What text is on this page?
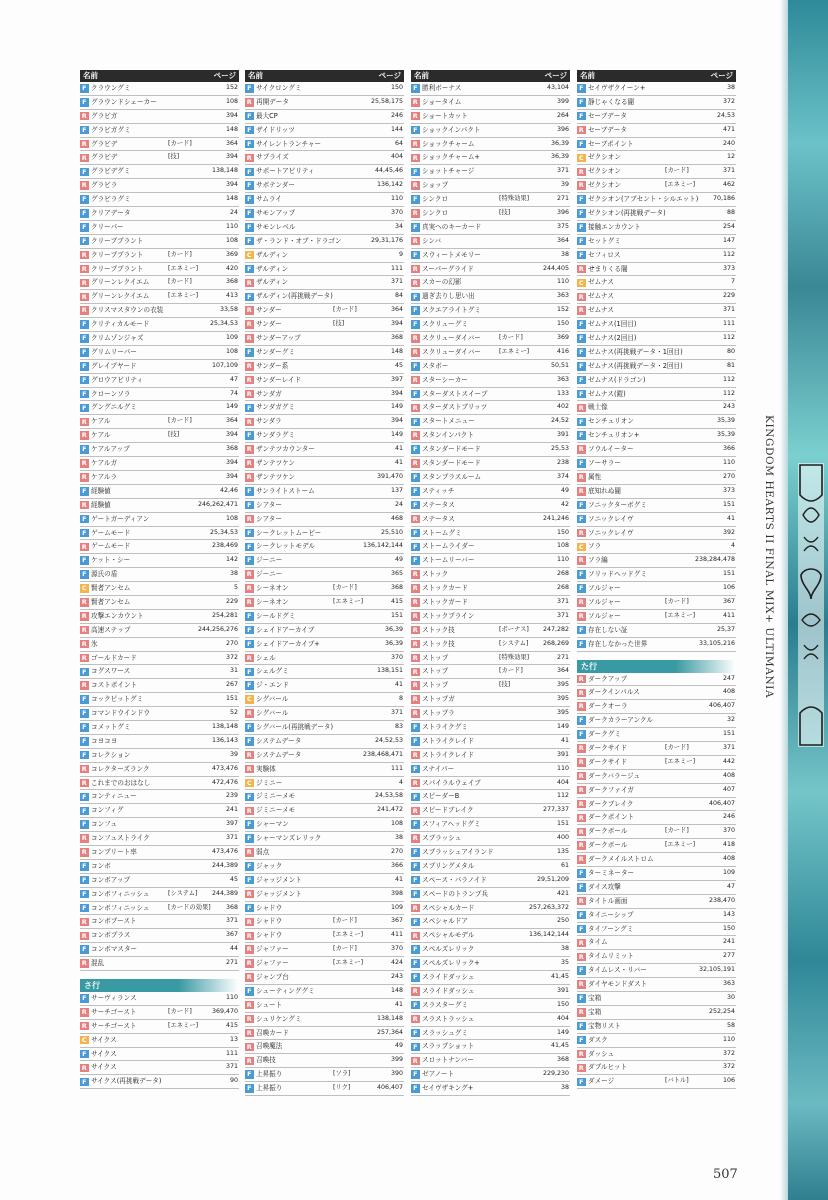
名前	ページ
F クラウングミ	152
F グラウンドシェーカー	108
R グラビガ	394
F グラビガグミ	148
R グラビデ	[カード]	364
R グラビデ	[技]	394
F グラビデグミ	138,148
R グラビラ	394
F グラビラグミ	148
F クリアデータ	24
F クリーパー	110
F クリーププラント	108
R クリーププラント	[カード]	369
R クリーププラント	[エネミー]	420
R グリーンレクイエム	[カード]	368
R グリーンレクイエム	[エネミー]	413
R クリスマスタウンの衣装	33,58
F クリティカルモード	25,34,53
F クリムゾンジャズ	109
F グリムリーパー	108
F グレイブヤード	107,109
F グロウアビリティ	47
F クローンソラ	74
F グングニルグミ	149
R ケアル	[カード]	364
R ケアル	[技]	394
F ケアルアップ	368
R ケアルガ	394
R ケアルラ	394
F 経験値	42,46
R 経験値	246,262,471
F ゲートガーディアン	108
F ゲームモード	25,34,53
R ゲームモード	238,469
F ケット・シー	142
F 源氏の盾	38
C 賢者アンセム	5
R 賢者アンセム	229
R 攻撃エンカウント	254,281
R 高速ステップ	244,256,276
R 氷	270
R ゴールドカード	372
F コグスワース	31
R コストポイント	267
F コックピットグミ	151
F コマンドウインドウ	52
F コメットグミ	138,148
F コヨコヨ	136,143
F コレクション	39
R コレクターズランク	473,476
R これまでのおはなし	472,476
F コンティニュー	239
F コンフィグ	241
F コンフュ	397
R コンフュストライク	371
R コンプリート率	473,476
F コンボ	244,389
F コンボアップ	45
F コンボフィニッシュ	[システム] 244,389
F コンボフィニッシュ	[カードの効果] 368
R コンボブースト	371
R コンボプラス	367
F コンボマスター	44
R 混乱	271
さ行
F サーヴィランス	110
R サーチゴースト	[カード]	369,470
R サーチゴースト	[エネミー]	415
C サイクス	13
F サイクス	111
R サイクス	371
F サイクス(再挑戦データ)	90
名前	ページ
F サイクロングミ	150
R 再開データ	25,58,175
F 最大CP	246
F ザイドリッツ	144
F サイレントランチャー	64
R サプライズ	404
F サポートアビリティ	44,45,46
F サボテンダー	136,142
F サムライ	110
F サモンアップ	370
F サモンレベル	34
F ザ・ランド・オブ・ドラゴン	29,31,176
C ザルディン	9
F ザルディン	111
R ザルディン	371
F ザルディン(再挑戦データ)	84
R サンダー	[カード]	364
R サンダー	[技]	394
R サンダーアップ	368
F サンダーグミ	148
R サンダー系	45
R サンダーレイド	397
R サンダガ	394
F サンダガグミ	149
R サンダラ	394
F サンダラグミ	149
R ザンテツカウンター	41
R ザンテツケン	41
R ザンテツケン	391,470
F サンライトストーム	137
F シアター	24
R シアター	468
F シークレットムービー	25,510
F シークレットモデル	136,142,144
F ジーニー	49
R ジーニー	365
R シーネオン	[カード]	368
R シーネオン	[エネミー]	415
F シールドグミ	151
F シェイドアーカイブ	36,39
F シェイドアーカイブ+	36,39
R シェル	370
F シェルグミ	138,151
F ジ・エンド	41
C シグバール	8
R シグバール	371
F シグバール(再挑戦データ)	83
F システムデータ	24,52,53
R システムデータ	238,468,471
R 実験体	111
C ジミニー	4
F ジミニーメモ	24,53,58
R ジミニーメモ	241,472
F シャーマン	108
F シャーマンズレリック	38
R 弱点	270
F ジャック	366
F ジャッジメント	41
R ジャッジメント	398
F シャドウ	109
R シャドウ	[カード]	367
R シャドウ	[エネミー]	411
R ジャファー	[カード]	370
R ジャファー	[エネミー]	424
R ジャンプ台	243
F シューティンググミ	148
R シュート	41
R シュリケングミ	138,148
R 召喚カード	257,364
R 召喚魔法	49
R 召喚技	399
F 上昇振り	[ソラ]	390
F 上昇振り	[リク]	406,407
名前	ページ
F 勝利ボーナス	43,104
R ショータイム	399
R ショートカット	264
F ショックインパクト	396
R ショックチャーム	36,39
R ショックチャーム+	36,39
F ショットチャージ	371
R ショップ	39
F シンクロ	[特殊効果]	271
R シンクロ	[技]	396
F 真実へのキーカード	375
R シンバ	364
F スウィートメモリー	38
R スーパーグライド	244,405
R スカーの幻影	110
F 過ぎ去りし思い出	363
F スクエアライトグミ	152
F スクリューグミ	150
R スクリューダイバー	[カード]	369
R スクリューダイバー	[エネミー]	416
F スタボー	50,51
R スターシーカー	363
F スターダストスイープ	133
R スターダストブリッツ	402
F スタートメニュー	24,52
R スタンインパクト	391
F スタンダードモード	25,53
R スタンダードモード	238
F スタンプラスルーム	374
F スティッチ	49
F ステータス	42
R ステータス	241,246
F ストームグミ	150
F ストームライダー	108
F ストームリーバー	110
R ストック	268
R ストックカード	268
R ストックガード	371
R ストックプライン	371
R ストック技	[ボーナス] 247,282
R ストック技	[システム] 268,269
R ストップ	[特殊効果]	271
R ストップ	[カード]	364
R ストップ	[技]	395
R ストップガ	395
R ストップラ	395
F ストライクグミ	149
F ストライクレイド	41
R ストライクレイド	391
F スナイパー	110
R スパイラルウェイブ	404
F スピーダーB	112
R スピードブレイク	277,337
F スフィアヘッドグミ	151
R スプラッシュ	400
F スプラッシュアイランド	135
F スプリングメタル	61
F スペース・パラノイド	29,51,209
F スペードのトランプ兵	421
R スペシャルカード	257,263,372
F スペシャルドア	250
R スペシャルモデル	136,142,144
F スペルズレリック	38
F スペルズレリック+	35
F スライドダッシュ	41,45
R スライドダッシュ	391
F スラスターグミ	150
R スラストラッシュ	404
F スラッシュグミ	149
F スラップショット	41,45
R スロットナンバー	368
F ゼアノート	229,230
F セイヴザキング+	38
名前	ページ
F セイヴザクイーン+	38
F 静じゃくなる闇	372
F セーブデータ	24,53
R セーブデータ	471
F セーブポイント	240
C ゼクシオン	12
R ゼクシオン	[カード]	371
R ゼクシオン	[エネミー]	462
F ゼクシオン(アブセント・シルエット) 70,186
F ゼクシオン(再挑戦データ)	88
F 接触エンカウント	254
F セットグミ	147
F セフィロス	112
R せまりくる闇	373
C ゼムナス	7
R ゼムナス	229
R ゼムナス	371
F ゼムナス(1回目)	111
F ゼムナス(2回目)	112
F ゼムナス(再挑戦データ・1回目)	80
F ゼムナス(再挑戦データ・2回目)	81
F ゼムナス(ドラゴン)	112
F ゼムナス(鎧)	112
R 戦士像	243
F センチュリオン	35,39
F センチュリオン+	35,39
R ソウルイーター	366
F ソーサラー	110
R 属性	270
R 底知れぬ闇	373
F ソニックターボグミ	151
F ソニックレイヴ	41
R ソニックレイヴ	392
C ソラ	4
R ソラ編	238,284,478
F ソリッドヘッドグミ	151
F ソルジャー	106
R ソルジャー	[カード]	367
R ソルジャー	[エネミー]	411
F 存在しない証	25,37
F 存在しなかった世界	33,105,216
た行
R ダークアップ	247
R ダークインパルス	408
R ダークオーラ	406,407
F ダークカラーアンクル	32
F ダークグミ	151
R ダークサイド	[カード]	371
R ダークサイド	[エネミー]	442
R ダークバラージュ	408
R ダークファイガ	407
R ダークブレイク	406,407
R ダークポイント	246
R ダークボール	[カード]	370
R ダークボール	[エネミー]	418
R ダークメイルストロム	408
F ターミネーター	109
F ダイス攻撃	47
R タイトル画面	238,470
F タイニーシップ	143
F タイフーングミ	150
R タイム	241
R タイムリミット	277
F タイムレス・リバー	32,105,191
R ダイヤモンドダスト	363
F 宝箱	30
R 宝箱	252,254
F 宝物リスト	58
F ダスク	110
R ダッシュ	372
R ダブルヒット	372
F ダメージ	[バトル]	106
KINGDOM HEARTS II FINAL MIX+ ULTIMANIA
507
